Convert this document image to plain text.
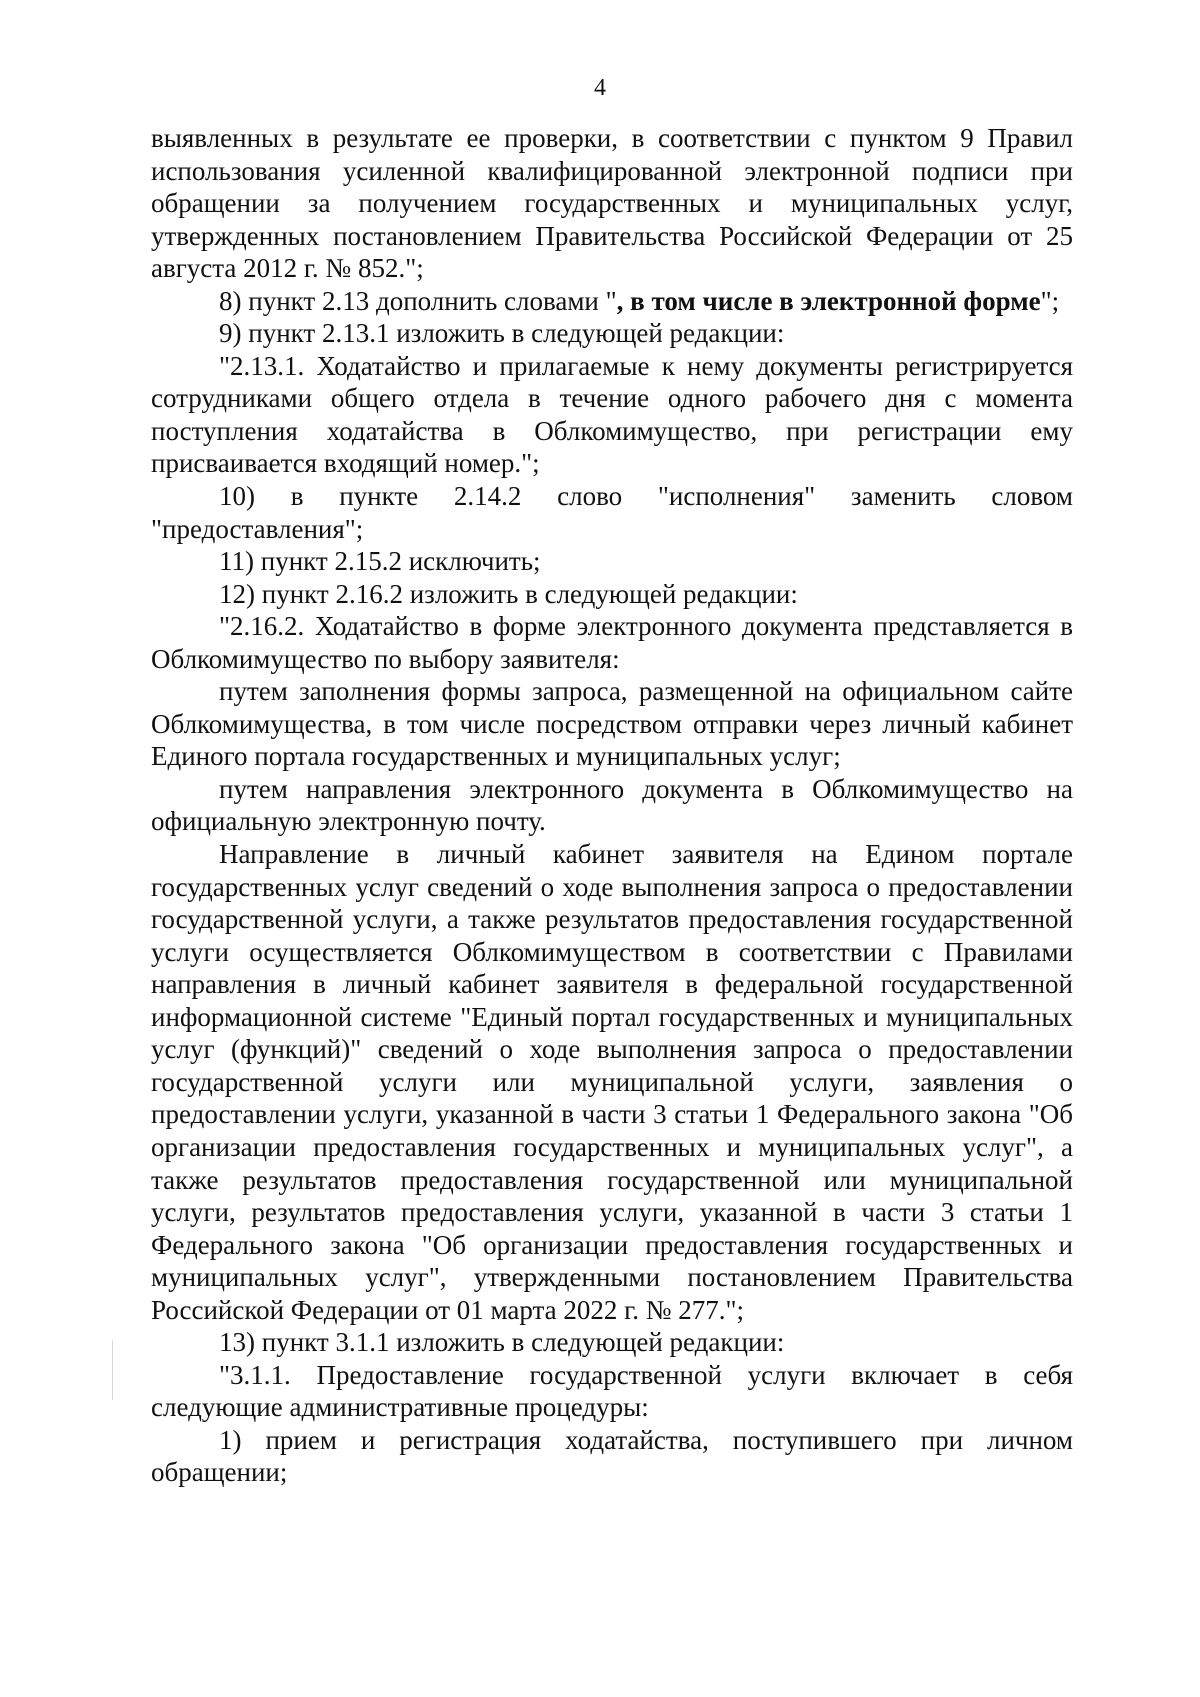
4

выявленных в результате ее проверки, в соответствии с пунктом 9 Правил использования усиленной квалифицированной электронной подписи при обращении за получением государственных и муниципальных услуг, утвержденных постановлением Правительства Российской Федерации от 25 августа 2012 г. № 852.";

8) пункт 2.13 дополнить словами ", в том числе в электронной форме";

9) пункт 2.13.1 изложить в следующей редакции:

"2.13.1. Ходатайство и прилагаемые к нему документы регистрируется сотрудниками общего отдела в течение одного рабочего дня с момента поступления ходатайства в Облкомимущество, при регистрации ему присваивается входящий номер.";

10) в пункте 2.14.2 слово "исполнения" заменить словом "предоставления";

11) пункт 2.15.2 исключить;

12) пункт 2.16.2 изложить в следующей редакции:

"2.16.2. Ходатайство в форме электронного документа представляется в Облкомимущество по выбору заявителя:

путем заполнения формы запроса, размещенной на официальном сайте Облкомимущества, в том числе посредством отправки через личный кабинет Единого портала государственных и муниципальных услуг;

путем направления электронного документа в Облкомимущество на официальную электронную почту.

Направление в личный кабинет заявителя на Едином портале государственных услуг сведений о ходе выполнения запроса о предоставлении государственной услуги, а также результатов предоставления государственной услуги осуществляется Облкомимуществом в соответствии с Правилами направления в личный кабинет заявителя в федеральной государственной информационной системе "Единый портал государственных и муниципальных услуг (функций)" сведений о ходе выполнения запроса о предоставлении государственной услуги или муниципальной услуги, заявления о предоставлении услуги, указанной в части 3 статьи 1 Федерального закона "Об организации предоставления государственных и муниципальных услуг", а также результатов предоставления государственной или муниципальной услуги, результатов предоставления услуги, указанной в части 3 статьи 1 Федерального закона "Об организации предоставления государственных и муниципальных услуг", утвержденными постановлением Правительства Российской Федерации от 01 марта 2022 г. № 277.";

13) пункт 3.1.1 изложить в следующей редакции:

"3.1.1. Предоставление государственной услуги включает в себя следующие административные процедуры:

1) прием и регистрация ходатайства, поступившего при личном обращении;
